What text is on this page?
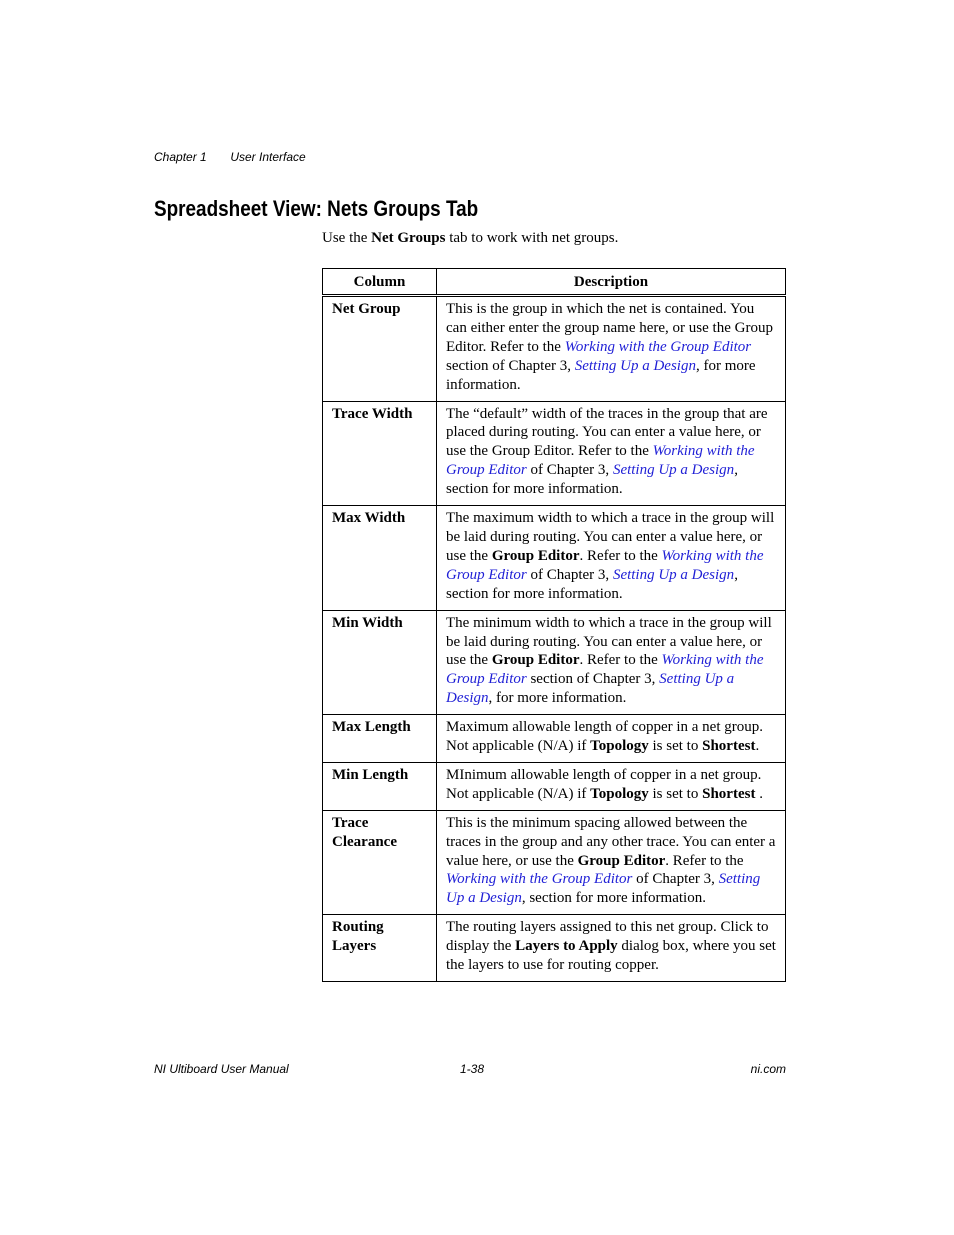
Chapter 1 User Interface
Spreadsheet View: Nets Groups Tab

Use the Net Groups tab to work with net groups.

Column	Description
Net Group	This is the group in which the net is contained. You can either enter the group name here, or use the Group Editor. Refer to the Working with the Group Editor section of Chapter 3, Setting Up a Design, for more information.
Trace Width	The “default” width of the traces in the group that are placed during routing. You can enter a value here, or use the Group Editor. Refer to the Working with the Group Editor of Chapter 3, Setting Up a Design, section for more information.
Max Width	The maximum width to which a trace in the group will be laid during routing. You can enter a value here, or use the Group Editor. Refer to the Working with the Group Editor of Chapter 3, Setting Up a Design, section for more information.
Min Width	The minimum width to which a trace in the group will be laid during routing. You can enter a value here, or use the Group Editor. Refer to the Working with the Group Editor section of Chapter 3, Setting Up a Design, for more information.
Max Length	Maximum allowable length of copper in a net group. Not applicable (N/A) if Topology is set to Shortest.
Min Length	MInimum allowable length of copper in a net group. Not applicable (N/A) if Topology is set to Shortest .
Trace Clearance	This is the minimum spacing allowed between the traces in the group and any other trace. You can enter a value here, or use the Group Editor. Refer to the Working with the Group Editor of Chapter 3, Setting Up a Design, section for more information.
Routing Layers	The routing layers assigned to this net group. Click to display the Layers to Apply dialog box, where you set the layers to use for routing copper.
NI Ultiboard User Manual	1-38	ni.com
